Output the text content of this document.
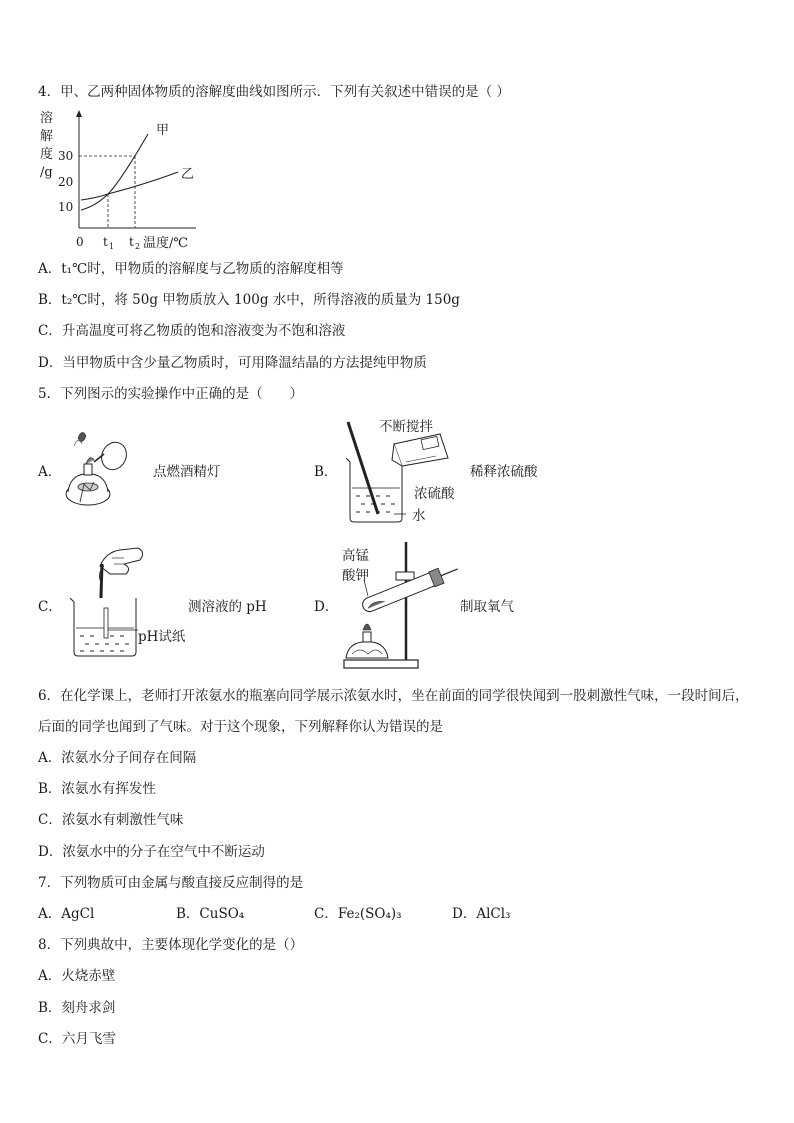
4．甲、乙两种固体物质的溶解度曲线如图所示．下列有关叙述中错误的是（ ）
溶
解
度
/g
30
20
10
甲
乙
0 t 1 t 2 温度/℃
A．t₁℃时，甲物质的溶解度与乙物质的溶解度相等
B．t₂℃时，将 50g 甲物质放入 100g 水中，所得溶液的质量为 150g
C．升高温度可将乙物质的饱和溶液变为不饱和溶液
D．当甲物质中含少量乙物质时，可用降温结晶的方法提纯甲物质
5．下列图示的实验操作中正确的是（　　）
A．	点燃酒精灯	B．
不断搅拌
浓硫酸
水
稀释浓硫酸
C．
pH试纸
测溶液的 pH	D．
高锰
酸钾
制取氧气
6．在化学课上，老师打开浓氨水的瓶塞向同学展示浓氨水时，坐在前面的同学很快闻到一股刺激性气味，一段时间后，
后面的同学也闻到了气味。对于这个现象，下列解释你认为错误的是
A．浓氨水分子间存在间隔
B．浓氨水有挥发性
C．浓氨水有刺激性气味
D．浓氨水中的分子在空气中不断运动
7．下列物质可由金属与酸直接反应制得的是
A．AgCl	B．CuSO₄	C．Fe₂(SO₄)₃	D．AlCl₃
8．下列典故中，主要体现化学变化的是（）
A．火烧赤壁
B．刻舟求剑
C．六月飞雪
